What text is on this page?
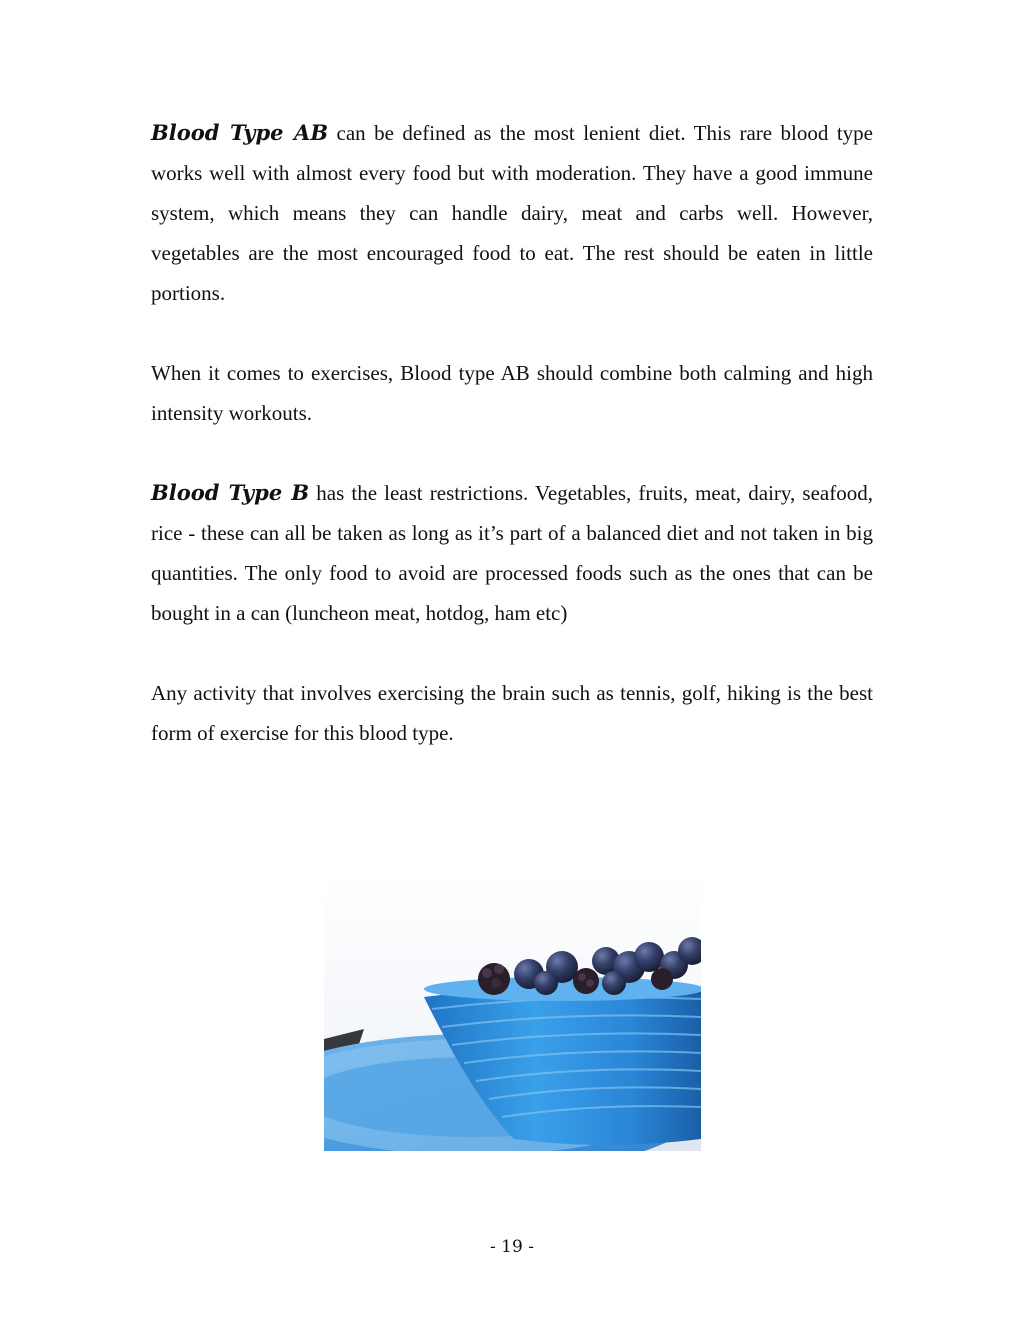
Blood Type AB can be defined as the most lenient diet. This rare blood type works well with almost every food but with moderation. They have a good immune system, which means they can handle dairy, meat and carbs well. However, vegetables are the most encouraged food to eat. The rest should be eaten in little portions.

When it comes to exercises, Blood type AB should combine both calming and high intensity workouts.

Blood Type B has the least restrictions. Vegetables, fruits, meat, dairy, seafood, rice - these can all be taken as long as it’s part of a balanced diet and not taken in big quantities. The only food to avoid are processed foods such as the ones that can be bought in a can (luncheon meat, hotdog, ham etc)

Any activity that involves exercising the brain such as tennis, golf, hiking is the best form of exercise for this blood type.

- 19 -
